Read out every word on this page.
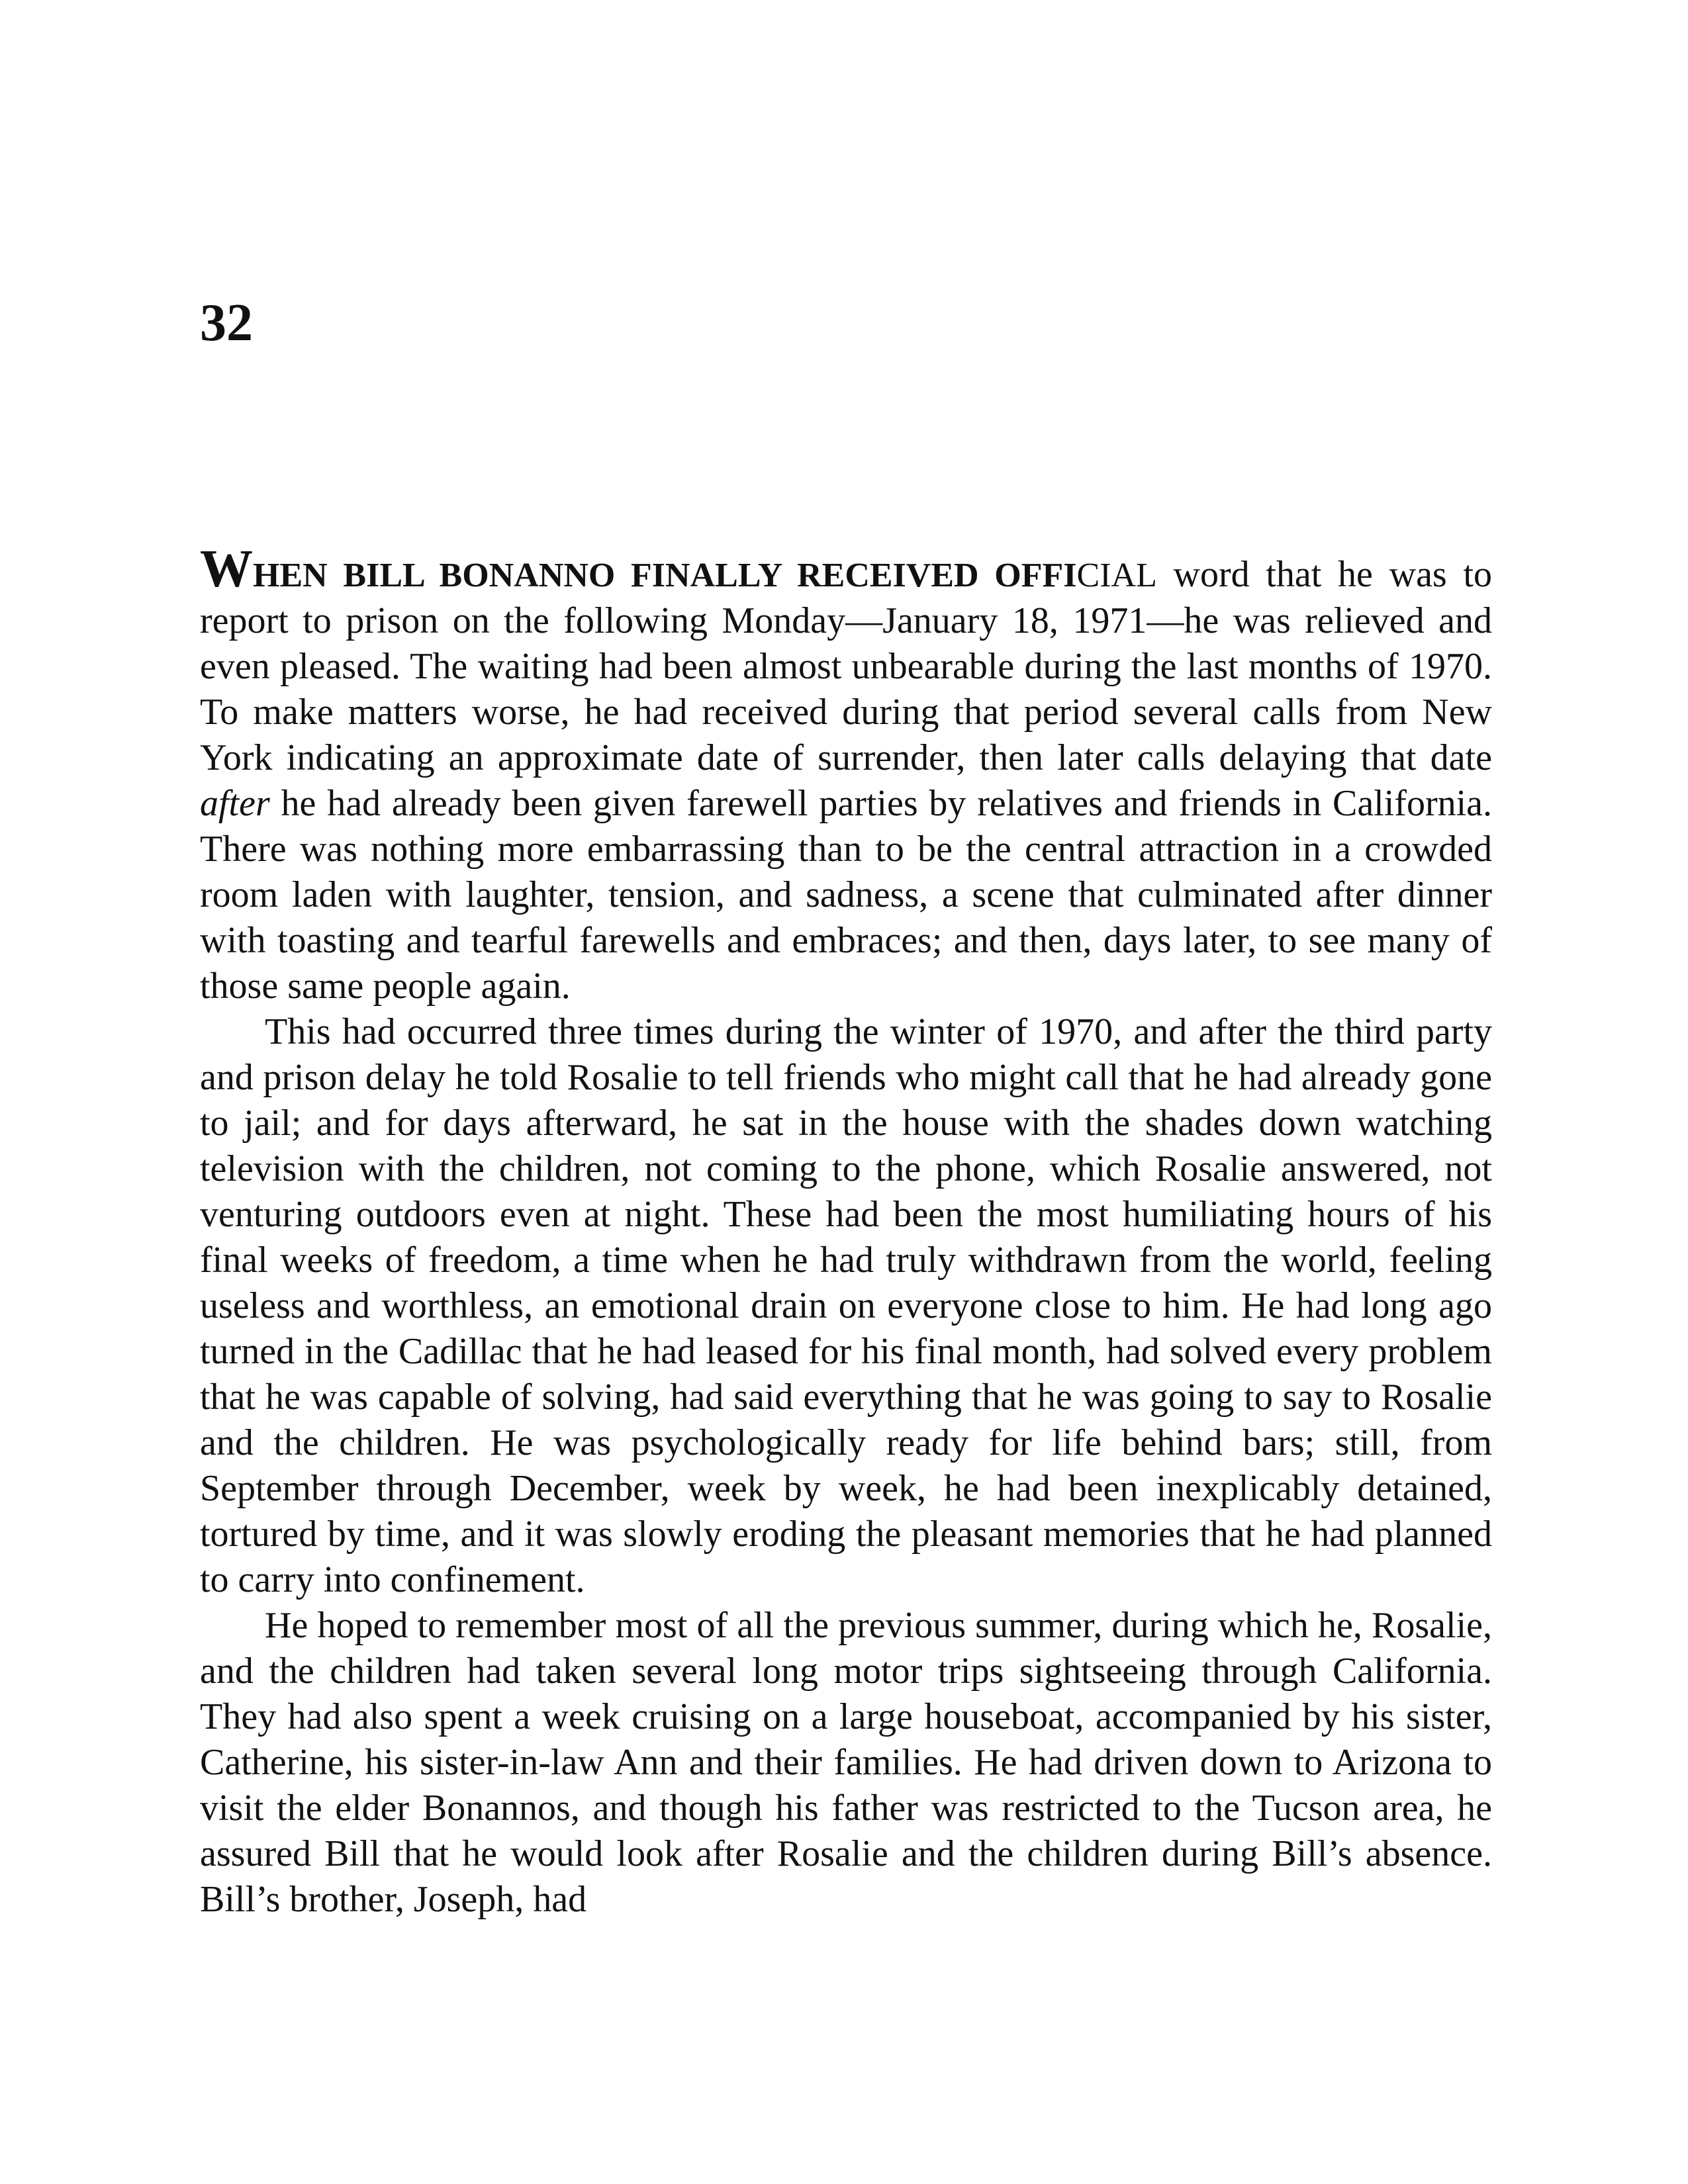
32

WHEN BILL BONANNO FINALLY RECEIVED OFFICIAL word that he was to report to prison on the following Monday—January 18, 1971—he was relieved and even pleased. The waiting had been almost unbearable during the last months of 1970. To make matters worse, he had received during that period several calls from New York indicating an approximate date of surrender, then later calls delaying that date after he had already been given farewell parties by relatives and friends in California. There was nothing more embarrassing than to be the central attraction in a crowded room laden with laughter, tension, and sadness, a scene that culminated after dinner with toasting and tearful farewells and embraces; and then, days later, to see many of those same people again.

This had occurred three times during the winter of 1970, and after the third party and prison delay he told Rosalie to tell friends who might call that he had already gone to jail; and for days afterward, he sat in the house with the shades down watching television with the children, not coming to the phone, which Rosalie answered, not venturing outdoors even at night. These had been the most humiliating hours of his final weeks of freedom, a time when he had truly withdrawn from the world, feeling useless and worthless, an emotional drain on everyone close to him. He had long ago turned in the Cadillac that he had leased for his final month, had solved every problem that he was capable of solving, had said everything that he was going to say to Rosalie and the children. He was psychologically ready for life behind bars; still, from September through December, week by week, he had been inexplicably detained, tortured by time, and it was slowly eroding the pleasant memories that he had planned to carry into confinement.

He hoped to remember most of all the previous summer, during which he, Rosalie, and the children had taken several long motor trips sightseeing through California. They had also spent a week cruising on a large houseboat, accompanied by his sister, Catherine, his sister-in-law Ann and their families. He had driven down to Arizona to visit the elder Bonannos, and though his father was restricted to the Tucson area, he assured Bill that he would look after Rosalie and the children during Bill’s absence. Bill’s brother, Joseph, had
